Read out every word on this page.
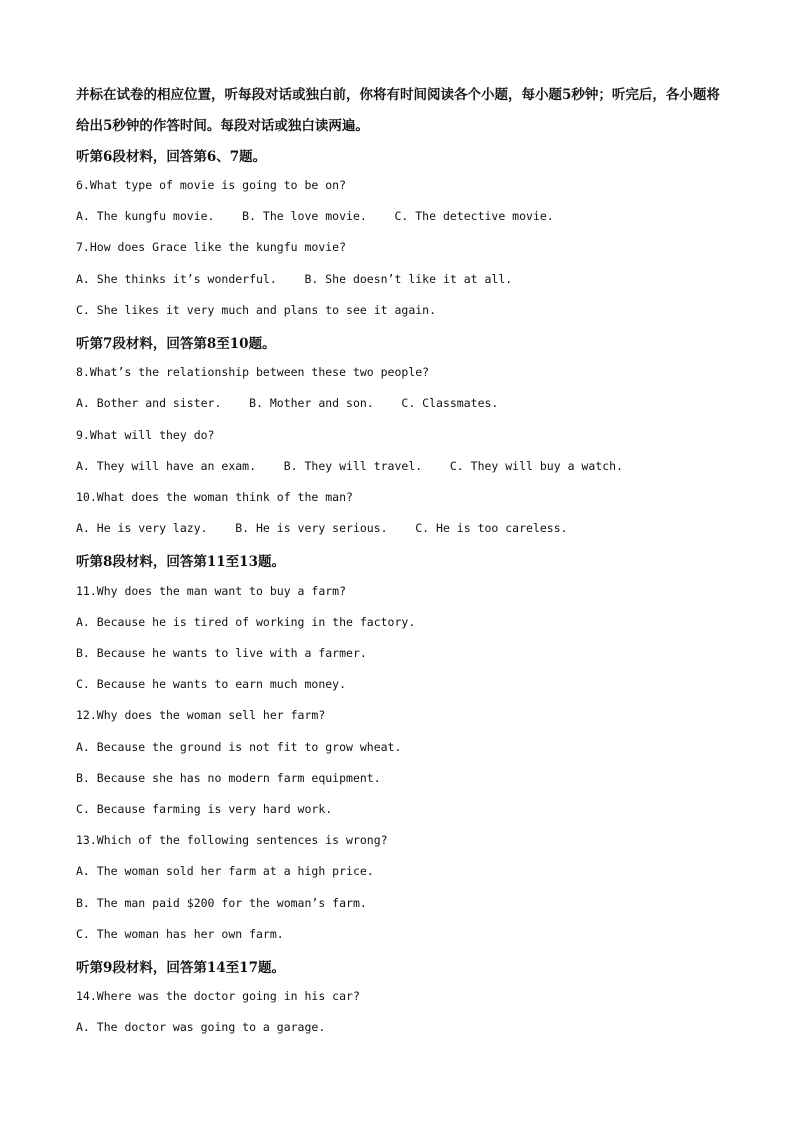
并标在试卷的相应位置，听每段对话或独白前，你将有时间阅读各个小题，每小题5秒钟；听完后，各小题将给出5秒钟的作答时间。每段对话或独白读两遍。

听第6段材料，回答第6、7题。
6.What type of movie is going to be on?
A. The kungfu movie.    B. The love movie.    C. The detective movie.
7.How does Grace like the kungfu movie?
A. She thinks it’s wonderful.    B. She doesn’t like it at all.
C. She likes it very much and plans to see it again.
听第7段材料，回答第8至10题。
8.What’s the relationship between these two people?
A. Bother and sister.    B. Mother and son.    C. Classmates.
9.What will they do?
A. They will have an exam.    B. They will travel.    C. They will buy a watch.
10.What does the woman think of the man?
A. He is very lazy.    B. He is very serious.    C. He is too careless.
听第8段材料，回答第11至13题。
11.Why does the man want to buy a farm?
A. Because he is tired of working in the factory.
B. Because he wants to live with a farmer.
C. Because he wants to earn much money.
12.Why does the woman sell her farm?
A. Because the ground is not fit to grow wheat.
B. Because she has no modern farm equipment.
C. Because farming is very hard work.
13.Which of the following sentences is wrong?
A. The woman sold her farm at a high price.
B. The man paid $200 for the woman’s farm.
C. The woman has her own farm.
听第9段材料，回答第14至17题。
14.Where was the doctor going in his car?
A. The doctor was going to a garage.
